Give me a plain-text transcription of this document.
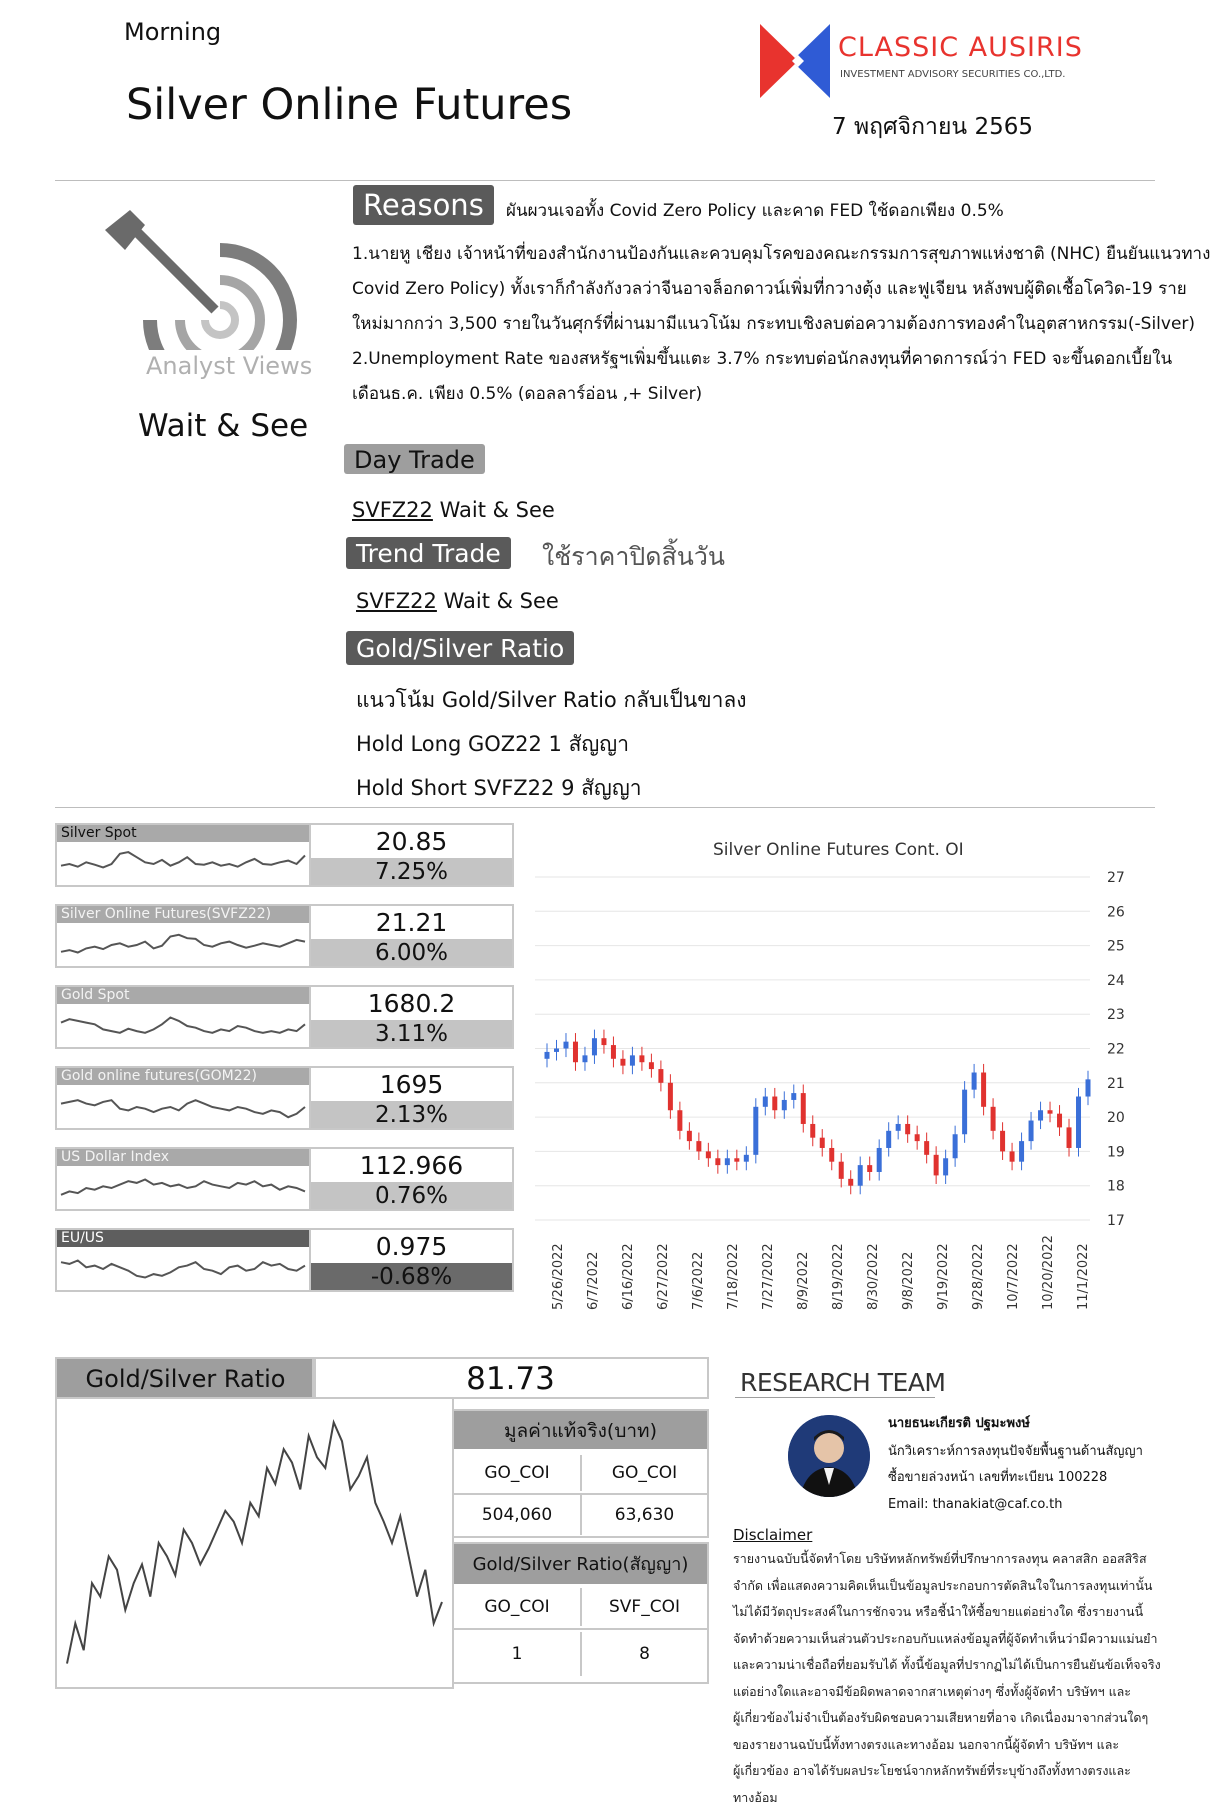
Morning
Silver Online Futures
CLASSIC AUSIRIS
INVESTMENT ADVISORY SECURITIES CO.,LTD.
7 พฤศจิกายน 2565
Analyst Views
Wait & See
Reasons	ผันผวนเจอทั้ง Covid Zero Policy และคาด FED ใช้ดอกเพียง 0.5%
1.นายหู เชียง เจ้าหน้าที่ของสำนักงานป้องกันและควบคุมโรคของคณะกรรมการสุขภาพแห่งชาติ (NHC) ยืนยันแนวทาง
Covid Zero Policy) ทั้งเราก็กำลังกังวลว่าจีนอาจล็อกดาวน์เพิ่มที่กวางตุ้ง และฟูเจียน หลังพบผู้ติดเชื้อโควิด-19 ราย
ใหม่มากกว่า 3,500 รายในวันศุกร์ที่ผ่านมามีแนวโน้ม กระทบเชิงลบต่อความต้องการทองคำในอุตสาหกรรม(-Silver)
2.Unemployment Rate ของสหรัฐฯเพิ่มขึ้นแตะ 3.7% กระทบต่อนักลงทุนที่คาดการณ์ว่า FED จะขึ้นดอกเบี้ยใน
เดือนธ.ค. เพียง 0.5% (ดอลลาร์อ่อน ,+ Silver)
Day Trade
SVFZ22 Wait & See
Trend Trade	ใช้ราคาปิดสิ้นวัน
SVFZ22 Wait & See
Gold/Silver Ratio
แนวโน้ม Gold/Silver Ratio กลับเป็นขาลง
Hold Long GOZ22 1 สัญญา
Hold Short SVFZ22 9 สัญญา
Silver Spot	20.85
7.25%
Silver Online Futures(SVFZ22)	21.21
6.00%
Gold Spot	1680.2
3.11%
Gold online futures(GOM22)	1695
2.13%
US Dollar Index	112.966
0.76%
EU/US	0.975
-0.68%
Silver Online Futures Cont. OI
17
18
19
20
21
22
23
24
25
26
27
5/26/2022 6/7/2022 6/16/2022 6/27/2022 7/6/2022 7/18/2022 7/27/2022 8/9/2022 8/19/2022 8/30/2022 9/8/2022 9/19/2022 9/28/2022 10/7/2022 10/20/2022 11/1/2022
Gold/Silver Ratio	81.73
มูลค่าแท้จริง(บาท)
GO_COI	GO_COI
504,060	63,630
Gold/Silver Ratio(สัญญา)
GO_COI	SVF_COI
1	8
RESEARCH TEAM
นายธนะเกียรติ ปฐมะพงษ์
นักวิเคราะห์การลงทุนปัจจัยพื้นฐานด้านสัญญา
ซื้อขายล่วงหน้า เลขที่ทะเบียน 100228
Email: thanakiat@caf.co.th
Disclaimer
รายงานฉบับนี้จัดทำโดย บริษัทหลักทรัพย์ที่ปรึกษาการลงทุน คลาสสิก ออสสิริส
จำกัด เพื่อแสดงความคิดเห็นเป็นข้อมูลประกอบการตัดสินใจในการลงทุนเท่านั้น
ไม่ได้มีวัตถุประสงค์ในการชักจวน หรือชี้นำให้ซื้อขายแต่อย่างใด ซึ่งรายงานนี้
จัดทำด้วยความเห็นส่วนตัวประกอบกับแหล่งข้อมูลที่ผู้จัดทำเห็นว่ามีความแม่นยำ
และความน่าเชื่อถือที่ยอมรับได้ ทั้งนี้ข้อมูลที่ปรากฏไม่ได้เป็นการยืนยันข้อเท็จจริง
แต่อย่างใดและอาจมีข้อผิดพลาดจากสาเหตุต่างๆ ซึ่งทั้งผู้จัดทำ บริษัทฯ และ
ผู้เกี่ยวข้องไม่จำเป็นต้องรับผิดชอบความเสียหายที่อาจ เกิดเนื่องมาจากส่วนใดๆ
ของรายงานฉบับนี้ทั้งทางตรงและทางอ้อม นอกจากนี้ผู้จัดทำ บริษัทฯ และ
ผู้เกี่ยวข้อง อาจได้รับผลประโยชน์จากหลักทรัพย์ที่ระบุข้างถึงทั้งทางตรงและ
ทางอ้อม
